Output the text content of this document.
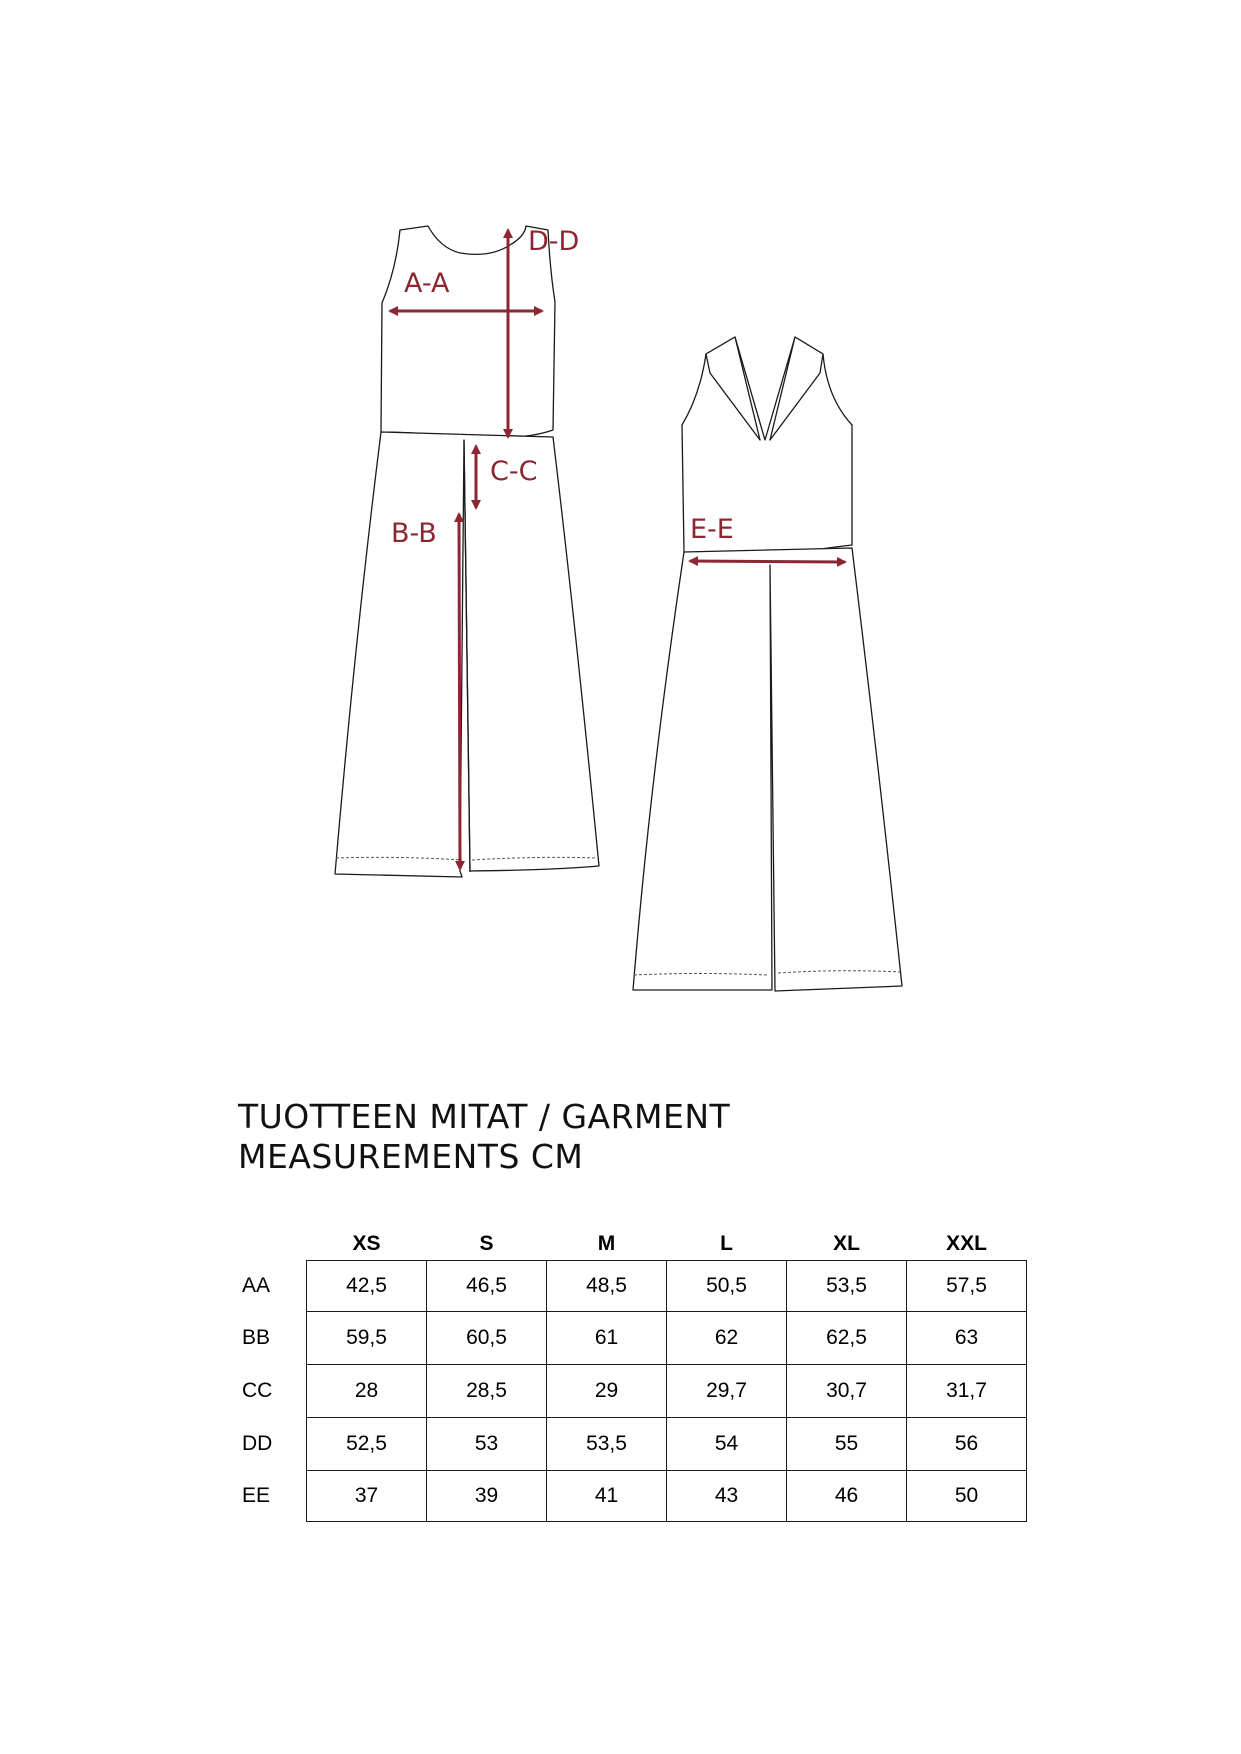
A-A
D-D
C-C
B-B	E-E
TUOTTEEN MITAT / GARMENT
MEASUREMENTS CM
	XS	S	M	L	XL	XXL
AA	42,5	46,5	48,5	50,5	53,5	57,5
BB	59,5	60,5	61	62	62,5	63
CC	28	28,5	29	29,7	30,7	31,7
DD	52,5	53	53,5	54	55	56
EE	37	39	41	43	46	50
